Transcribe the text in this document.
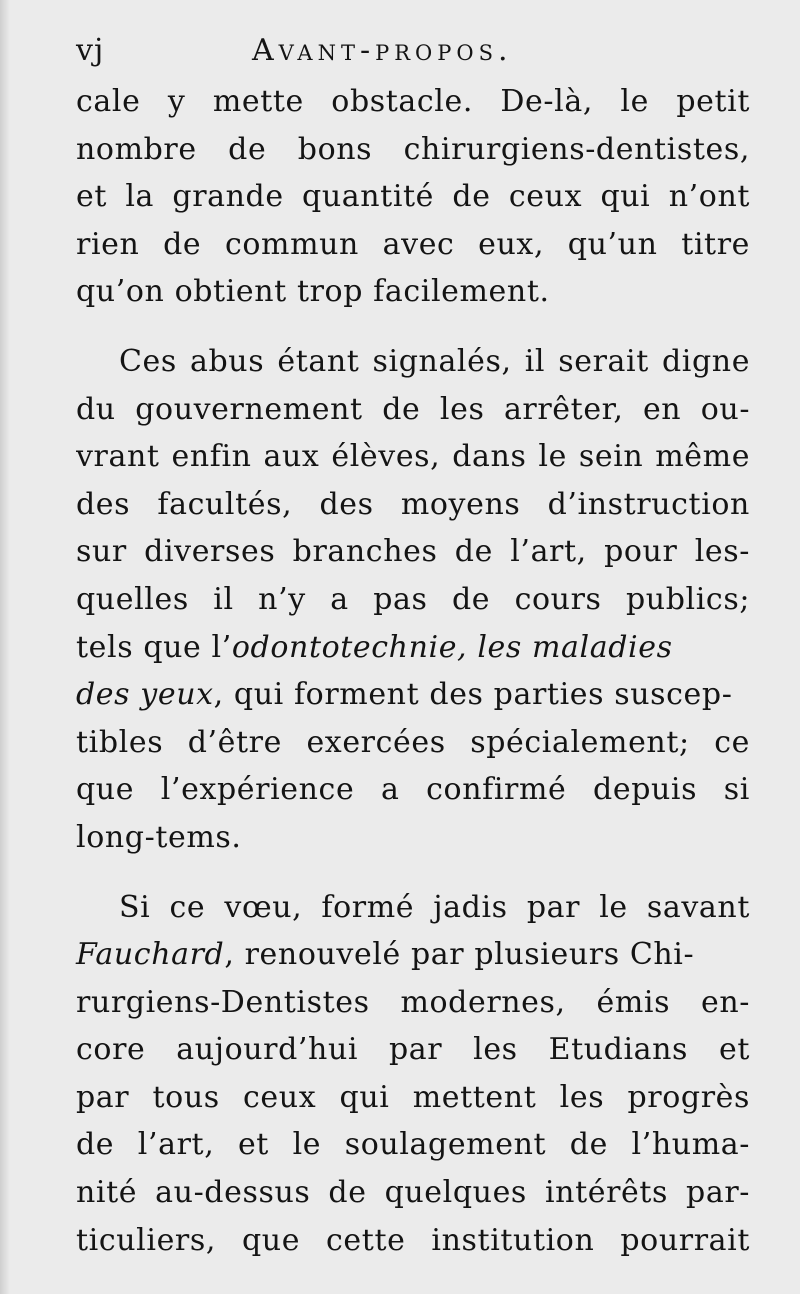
vj	Avant-propos.
cale y mette obstacle. De-là, le petit
nombre de bons chirurgiens-dentistes,
et la grande quantité de ceux qui n’ont
rien de commun avec eux, qu’un titre
qu’on obtient trop facilement.
Ces abus étant signalés, il serait digne
du gouvernement de les arrêter, en ou-
vrant enfin aux élèves, dans le sein même
des facultés, des moyens d’instruction
sur diverses branches de l’art, pour les-
quelles il n’y a pas de cours publics;
tels que l’odontotechnie, les maladies
des yeux, qui forment des parties suscep-
tibles d’être exercées spécialement; ce
que l’expérience a confirmé depuis si
long-tems.
Si ce vœu, formé jadis par le savant
Fauchard, renouvelé par plusieurs Chi-
rurgiens-Dentistes modernes, émis en-
core aujourd’hui par les Etudians et
par tous ceux qui mettent les progrès
de l’art, et le soulagement de l’huma-
nité au-dessus de quelques intérêts par-
ticuliers, que cette institution pourrait
